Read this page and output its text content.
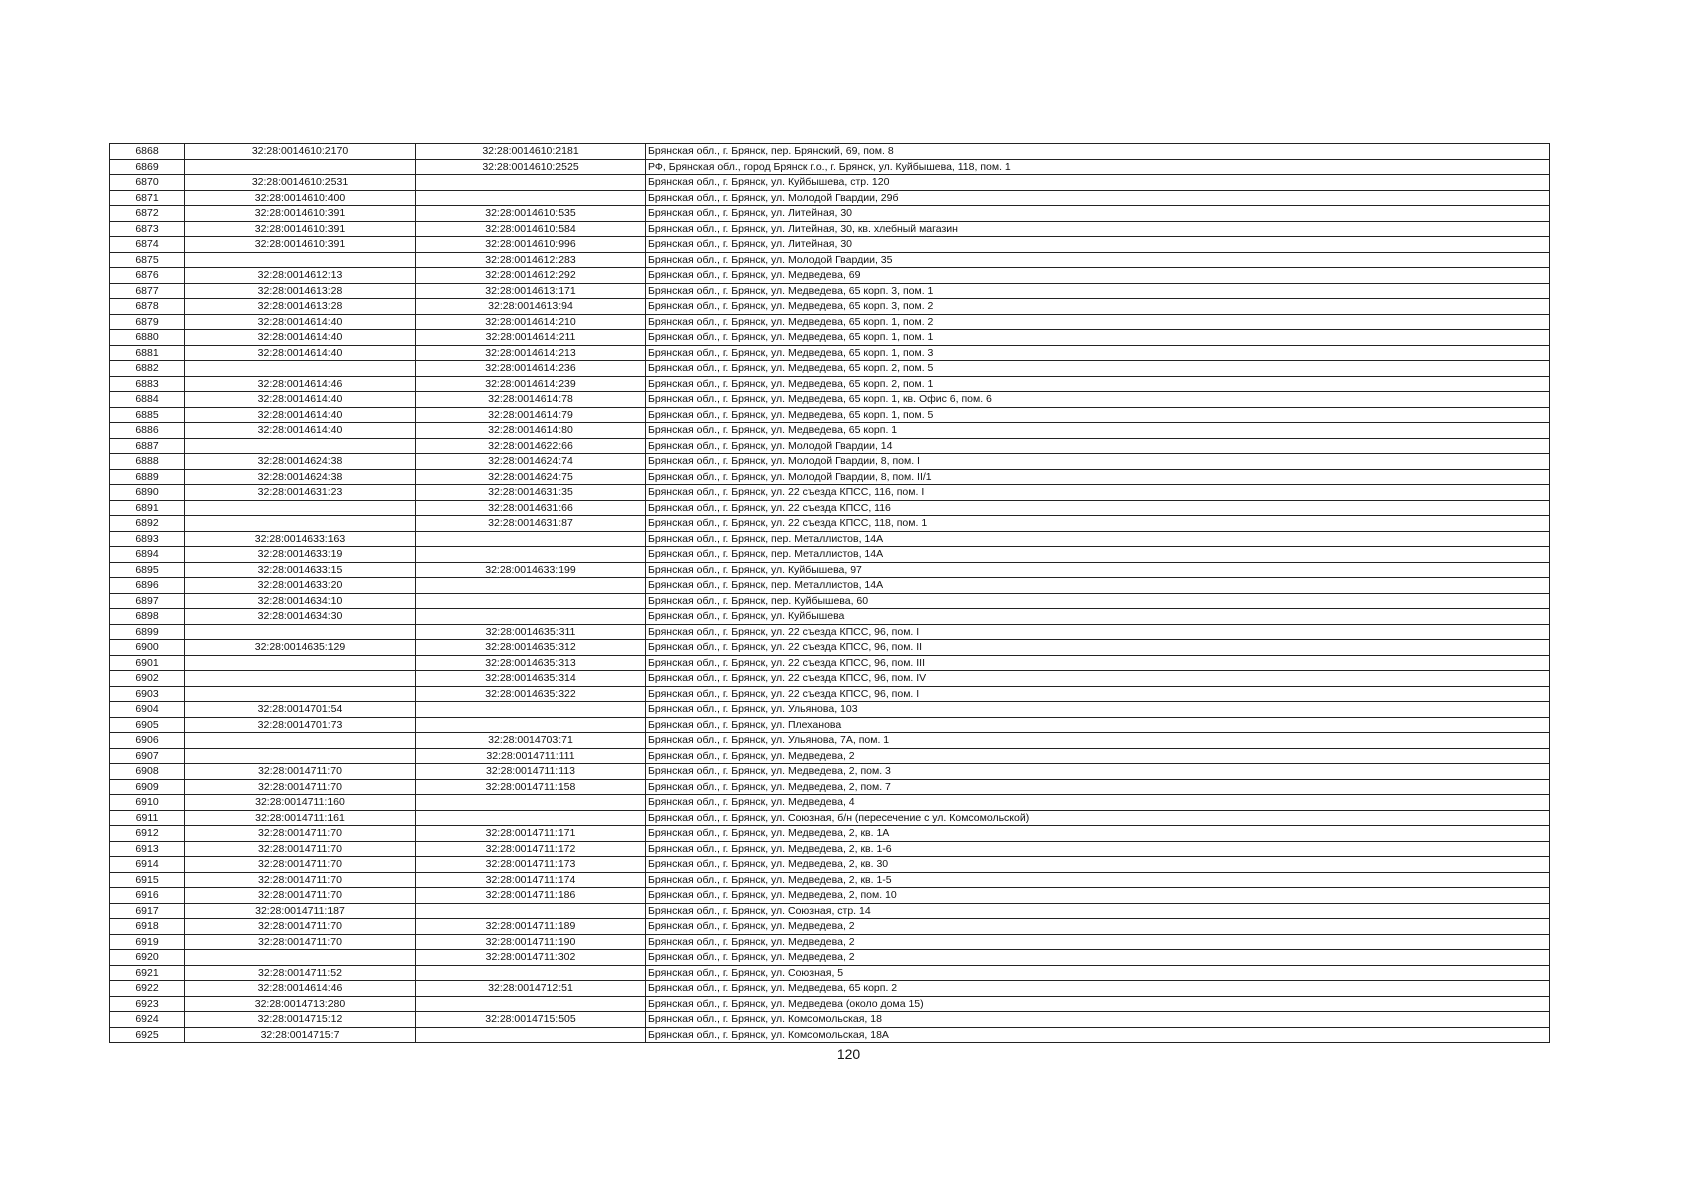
6868	32:28:0014610:2170	32:28:0014610:2181	Брянская обл., г. Брянск, пер. Брянский, 69, пом. 8
6869		32:28:0014610:2525	РФ, Брянская обл., город Брянск г.о., г. Брянск, ул. Куйбышева, 118, пом. 1
6870	32:28:0014610:2531		Брянская обл., г. Брянск, ул. Куйбышева, стр. 120
6871	32:28:0014610:400		Брянская обл., г. Брянск, ул. Молодой Гвардии, 29б
6872	32:28:0014610:391	32:28:0014610:535	Брянская обл., г. Брянск, ул. Литейная, 30
6873	32:28:0014610:391	32:28:0014610:584	Брянская обл., г. Брянск, ул. Литейная, 30, кв. хлебный магазин
6874	32:28:0014610:391	32:28:0014610:996	Брянская обл., г. Брянск, ул. Литейная, 30
6875		32:28:0014612:283	Брянская обл., г. Брянск, ул. Молодой Гвардии, 35
6876	32:28:0014612:13	32:28:0014612:292	Брянская обл., г. Брянск, ул. Медведева, 69
6877	32:28:0014613:28	32:28:0014613:171	Брянская обл., г. Брянск, ул. Медведева, 65 корп. 3, пом. 1
6878	32:28:0014613:28	32:28:0014613:94	Брянская обл., г. Брянск, ул. Медведева, 65 корп. 3, пом. 2
6879	32:28:0014614:40	32:28:0014614:210	Брянская обл., г. Брянск, ул. Медведева, 65 корп. 1, пом. 2
6880	32:28:0014614:40	32:28:0014614:211	Брянская обл., г. Брянск, ул. Медведева, 65 корп. 1, пом. 1
6881	32:28:0014614:40	32:28:0014614:213	Брянская обл., г. Брянск, ул. Медведева, 65 корп. 1, пом. 3
6882		32:28:0014614:236	Брянская обл., г. Брянск, ул. Медведева, 65 корп. 2, пом. 5
6883	32:28:0014614:46	32:28:0014614:239	Брянская обл., г. Брянск, ул. Медведева, 65 корп. 2, пом. 1
6884	32:28:0014614:40	32:28:0014614:78	Брянская обл., г. Брянск, ул. Медведева, 65 корп. 1, кв. Офис 6, пом. 6
6885	32:28:0014614:40	32:28:0014614:79	Брянская обл., г. Брянск, ул. Медведева, 65 корп. 1, пом. 5
6886	32:28:0014614:40	32:28:0014614:80	Брянская обл., г. Брянск, ул. Медведева, 65 корп. 1
6887		32:28:0014622:66	Брянская обл., г. Брянск, ул. Молодой Гвардии, 14
6888	32:28:0014624:38	32:28:0014624:74	Брянская обл., г. Брянск, ул. Молодой Гвардии, 8, пом. I
6889	32:28:0014624:38	32:28:0014624:75	Брянская обл., г. Брянск, ул. Молодой Гвардии, 8, пом. II/1
6890	32:28:0014631:23	32:28:0014631:35	Брянская обл., г. Брянск, ул. 22 съезда КПСС, 116, пом. I
6891		32:28:0014631:66	Брянская обл., г. Брянск, ул. 22 съезда КПСС, 116
6892		32:28:0014631:87	Брянская обл., г. Брянск, ул. 22 съезда КПСС, 118, пом. 1
6893	32:28:0014633:163		Брянская обл., г. Брянск, пер. Металлистов, 14А
6894	32:28:0014633:19		Брянская обл., г. Брянск, пер. Металлистов, 14А
6895	32:28:0014633:15	32:28:0014633:199	Брянская обл., г. Брянск, ул. Куйбышева, 97
6896	32:28:0014633:20		Брянская обл., г. Брянск, пер. Металлистов, 14А
6897	32:28:0014634:10		Брянская обл., г. Брянск, пер. Куйбышева, 60
6898	32:28:0014634:30		Брянская обл., г. Брянск, ул. Куйбышева
6899		32:28:0014635:311	Брянская обл., г. Брянск, ул. 22 съезда КПСС, 96, пом. I
6900	32:28:0014635:129	32:28:0014635:312	Брянская обл., г. Брянск, ул. 22 съезда КПСС, 96, пом. II
6901		32:28:0014635:313	Брянская обл., г. Брянск, ул. 22 съезда КПСС, 96, пом. III
6902		32:28:0014635:314	Брянская обл., г. Брянск, ул. 22 съезда КПСС, 96, пом. IV
6903		32:28:0014635:322	Брянская обл., г. Брянск, ул. 22 съезда КПСС, 96, пом. I
6904	32:28:0014701:54		Брянская обл., г. Брянск, ул. Ульянова, 103
6905	32:28:0014701:73		Брянская обл., г. Брянск, ул. Плеханова
6906		32:28:0014703:71	Брянская обл., г. Брянск, ул. Ульянова, 7А, пом. 1
6907		32:28:0014711:111	Брянская обл., г. Брянск, ул. Медведева, 2
6908	32:28:0014711:70	32:28:0014711:113	Брянская обл., г. Брянск, ул. Медведева, 2, пом. 3
6909	32:28:0014711:70	32:28:0014711:158	Брянская обл., г. Брянск, ул. Медведева, 2, пом. 7
6910	32:28:0014711:160		Брянская обл., г. Брянск, ул. Медведева, 4
6911	32:28:0014711:161		Брянская обл., г. Брянск, ул. Союзная, б/н (пересечение с ул. Комсомольской)
6912	32:28:0014711:70	32:28:0014711:171	Брянская обл., г. Брянск, ул. Медведева, 2, кв. 1А
6913	32:28:0014711:70	32:28:0014711:172	Брянская обл., г. Брянск, ул. Медведева, 2, кв. 1-6
6914	32:28:0014711:70	32:28:0014711:173	Брянская обл., г. Брянск, ул. Медведева, 2, кв. 30
6915	32:28:0014711:70	32:28:0014711:174	Брянская обл., г. Брянск, ул. Медведева, 2, кв. 1-5
6916	32:28:0014711:70	32:28:0014711:186	Брянская обл., г. Брянск, ул. Медведева, 2, пом. 10
6917	32:28:0014711:187		Брянская обл., г. Брянск, ул. Союзная, стр. 14
6918	32:28:0014711:70	32:28:0014711:189	Брянская обл., г. Брянск, ул. Медведева, 2
6919	32:28:0014711:70	32:28:0014711:190	Брянская обл., г. Брянск, ул. Медведева, 2
6920		32:28:0014711:302	Брянская обл., г. Брянск, ул. Медведева, 2
6921	32:28:0014711:52		Брянская обл., г. Брянск, ул. Союзная, 5
6922	32:28:0014614:46	32:28:0014712:51	Брянская обл., г. Брянск, ул. Медведева, 65 корп. 2
6923	32:28:0014713:280		Брянская обл., г. Брянск, ул. Медведева (около дома 15)
6924	32:28:0014715:12	32:28:0014715:505	Брянская обл., г. Брянск, ул. Комсомольская, 18
6925	32:28:0014715:7		Брянская обл., г. Брянск, ул. Комсомольская, 18А
120
